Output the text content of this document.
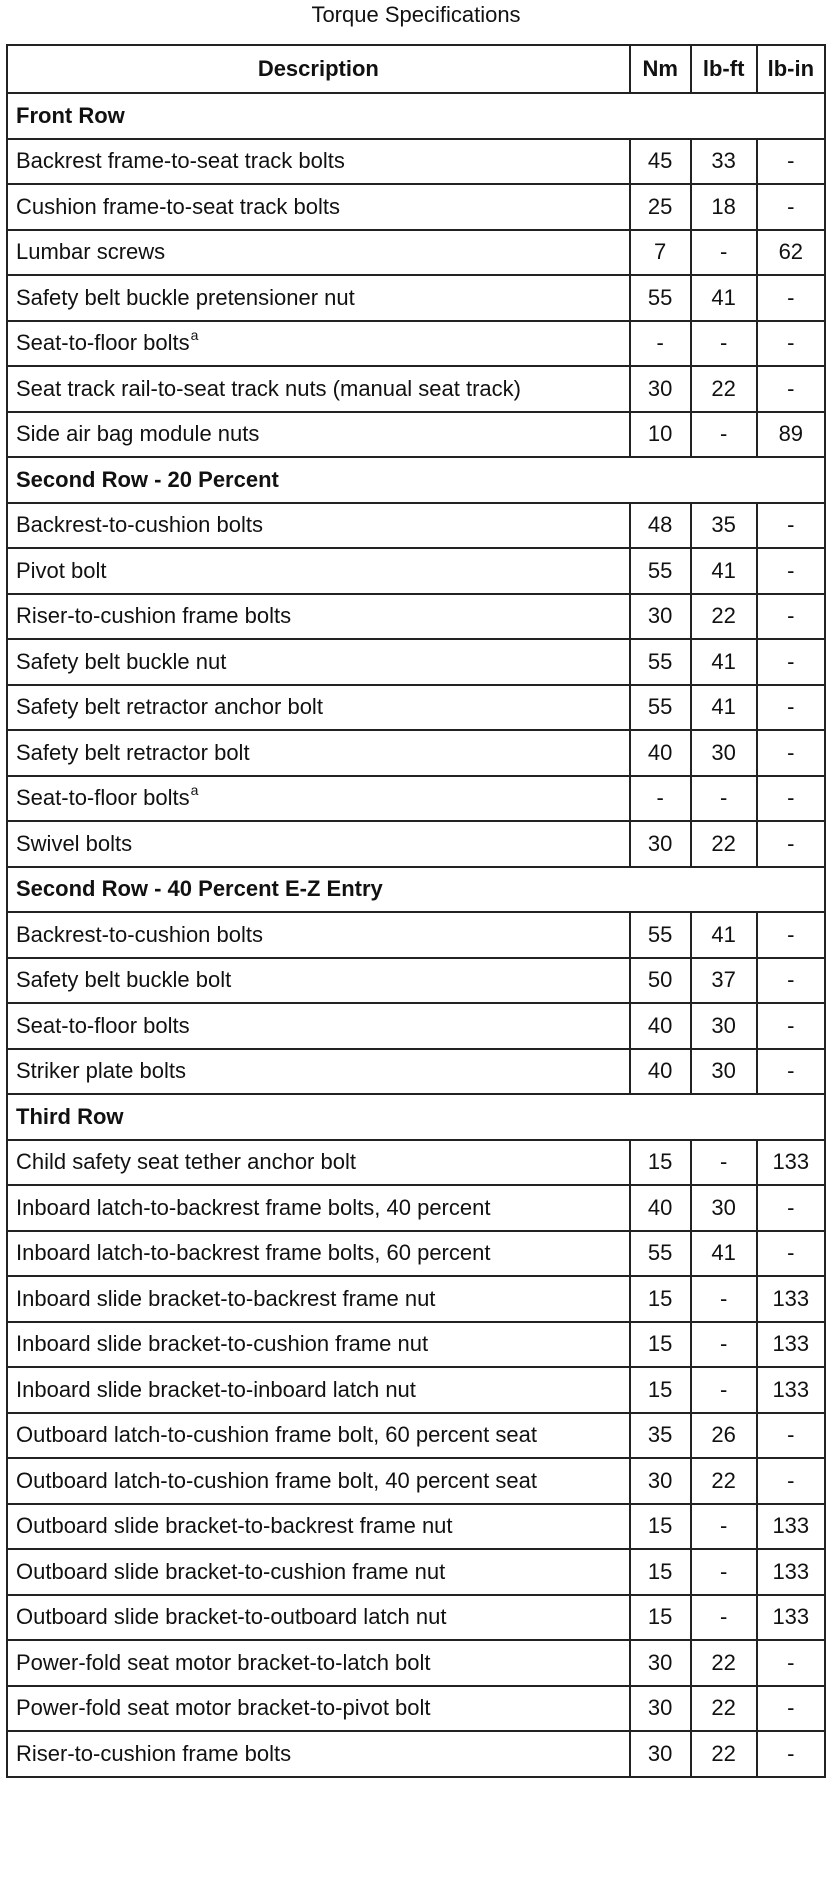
Torque Specifications
Description	Nm	lb-ft	lb-in
Front Row			
Backrest frame-to-seat track bolts	45	33	-
Cushion frame-to-seat track bolts	25	18	-
Lumbar screws	7	-	62
Safety belt buckle pretensioner nut	55	41	-
Seat-to-floor bolts$^a$	-	-	-
Seat track rail-to-seat track nuts (manual seat track)	30	22	-
Side air bag module nuts	10	-	89
Second Row - 20 Percent			
Backrest-to-cushion bolts	48	35	-
Pivot bolt	55	41	-
Riser-to-cushion frame bolts	30	22	-
Safety belt buckle nut	55	41	-
Safety belt retractor anchor bolt	55	41	-
Safety belt retractor bolt	40	30	-
Seat-to-floor bolts$^a$	-	-	-
Swivel bolts	30	22	-
Second Row - 40 Percent E-Z Entry			
Backrest-to-cushion bolts	55	41	-
Safety belt buckle bolt	50	37	-
Seat-to-floor bolts	40	30	-
Striker plate bolts	40	30	-
Third Row			
Child safety seat tether anchor bolt	15	-	133
Inboard latch-to-backrest frame bolts, 40 percent	40	30	-
Inboard latch-to-backrest frame bolts, 60 percent	55	41	-
Inboard slide bracket-to-backrest frame nut	15	-	133
Inboard slide bracket-to-cushion frame nut	15	-	133
Inboard slide bracket-to-inboard latch nut	15	-	133
Outboard latch-to-cushion frame bolt, 60 percent seat	35	26	-
Outboard latch-to-cushion frame bolt, 40 percent seat	30	22	-
Outboard slide bracket-to-backrest frame nut	15	-	133
Outboard slide bracket-to-cushion frame nut	15	-	133
Outboard slide bracket-to-outboard latch nut	15	-	133
Power-fold seat motor bracket-to-latch bolt	30	22	-
Power-fold seat motor bracket-to-pivot bolt	30	22	-
Riser-to-cushion frame bolts	30	22	-
